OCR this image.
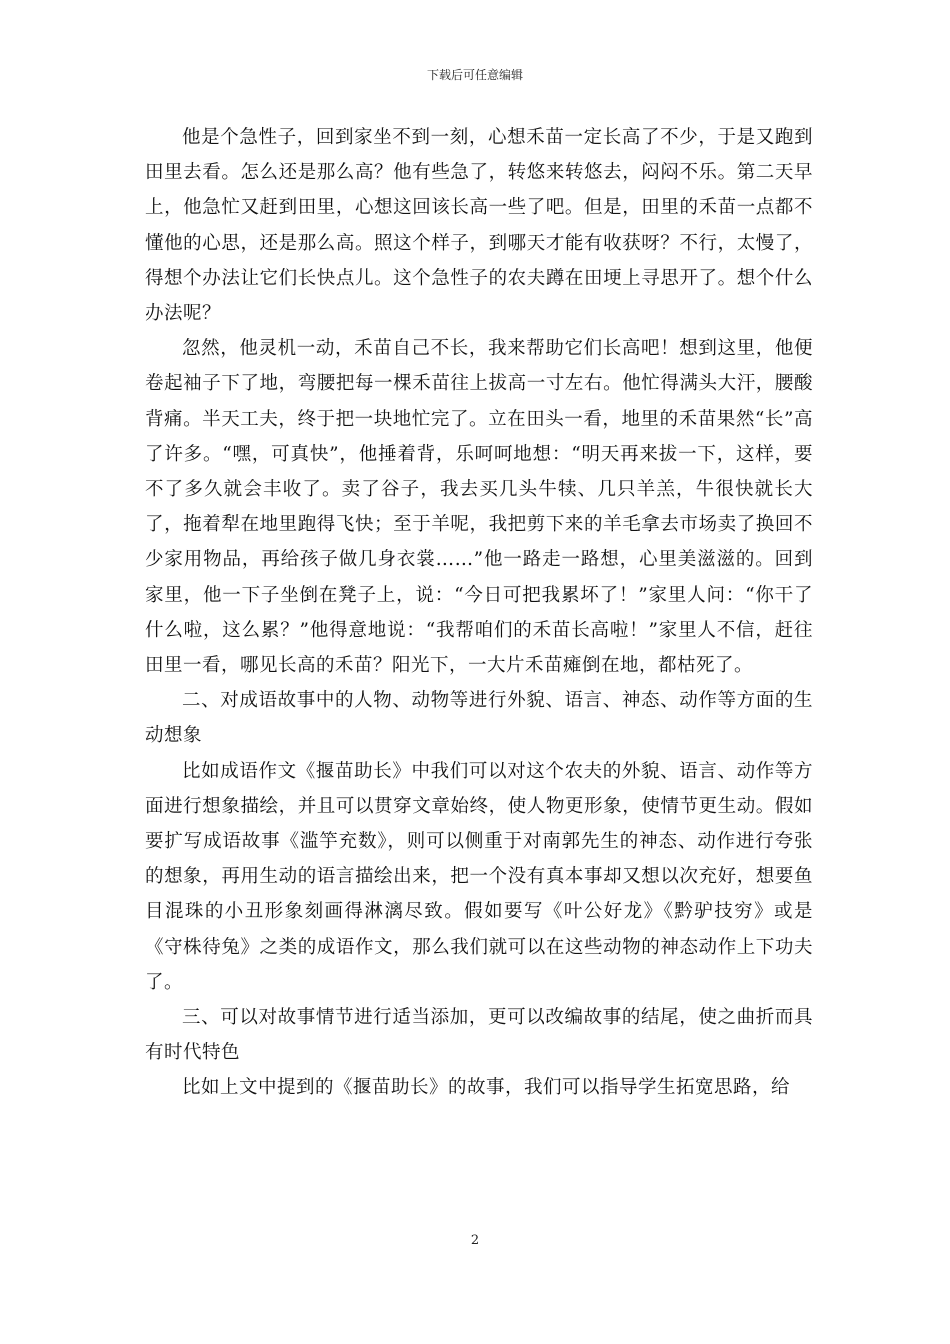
下载后可任意编辑

他是个急性子，回到家坐不到一刻，心想禾苗一定长高了不少，于是又跑到田里去看。怎么还是那么高？他有些急了，转悠来转悠去，闷闷不乐。第二天早上，他急忙又赶到田里，心想这回该长高一些了吧。但是，田里的禾苗一点都不懂他的心思，还是那么高。照这个样子，到哪天才能有收获呀？不行，太慢了，得想个办法让它们长快点儿。这个急性子的农夫蹲在田埂上寻思开了。想个什么办法呢？

忽然，他灵机一动，禾苗自己不长，我来帮助它们长高吧！想到这里，他便卷起袖子下了地，弯腰把每一棵禾苗往上拔高一寸左右。他忙得满头大汗，腰酸背痛。半天工夫，终于把一块地忙完了。立在田头一看，地里的禾苗果然“长”高了许多。“嘿，可真快”，他捶着背，乐呵呵地想：“明天再来拔一下，这样，要不了多久就会丰收了。卖了谷子，我去买几头牛犊、几只羊羔，牛很快就长大了，拖着犁在地里跑得飞快；至于羊呢，我把剪下来的羊毛拿去市场卖了换回不少家用物品，再给孩子做几身衣裳……”他一路走一路想，心里美滋滋的。回到家里，他一下子坐倒在凳子上，说：“今日可把我累坏了！”家里人问：“你干了什么啦，这么累？”他得意地说：“我帮咱们的禾苗长高啦！”家里人不信，赶往田里一看，哪见长高的禾苗？阳光下，一大片禾苗瘫倒在地，都枯死了。

二、对成语故事中的人物、动物等进行外貌、语言、神态、动作等方面的生动想象

比如成语作文《揠苗助长》中我们可以对这个农夫的外貌、语言、动作等方面进行想象描绘，并且可以贯穿文章始终，使人物更形象，使情节更生动。假如要扩写成语故事《滥竽充数》，则可以侧重于对南郭先生的神态、动作进行夸张的想象，再用生动的语言描绘出来，把一个没有真本事却又想以次充好，想要鱼目混珠的小丑形象刻画得淋漓尽致。假如要写《叶公好龙》《黔驴技穷》或是《守株待兔》之类的成语作文，那么我们就可以在这些动物的神态动作上下功夫了。

三、可以对故事情节进行适当添加，更可以改编故事的结尾，使之曲折而具有时代特色

比如上文中提到的《揠苗助长》的故事，我们可以指导学生拓宽思路，给

2
